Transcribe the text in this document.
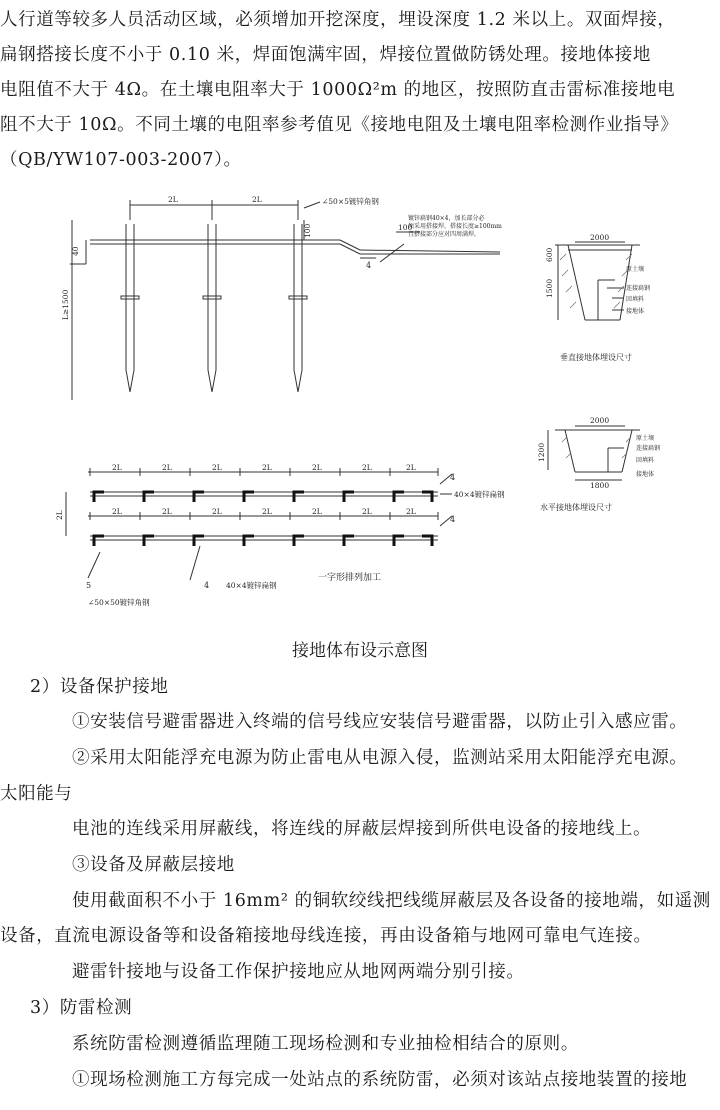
人行道等较多人员活动区域，必须增加开挖深度，埋设深度 1.2 米以上。双面焊接，
扁钢搭接长度不小于 0.10 米，焊面饱满牢固，焊接位置做防锈处理。接地体接地
电阻值不大于 4Ω。在土壤电阻率大于 1000Ω²m 的地区，按照防直击雷标准接地电
阻不大于 10Ω。不同土壤的电阻率参考值见《接地电阻及土壤电阻率检测作业指导》
（QB/YW107-003-2007）。
2L	2L
40
L≥1500
100	100
∠50×5镀锌角钢
镀锌扁钢40×4，加长部分必
须采用搭接焊，搭接长度≥100mm
且搭接部分应对四周满焊。
4
2000
600
1500
原土壤
连接扁钢
回填料
接地体
垂直接地体埋设尺寸
2000
1200
1800
原土壤
连接扁钢
回填料
接地体
水平接地体埋设尺寸
2L	2L	2L	2L	2L	2L	2L
2L	2L	2L	2L	2L	2L	2L
2L
4
4
40×4镀锌扁钢
5
∠50×50镀锌角钢
4 40×4镀锌扁钢
一字形排列加工
接地体布设示意图
2）设备保护接地
①安装信号避雷器进入终端的信号线应安装信号避雷器，以防止引入感应雷。
②采用太阳能浮充电源为防止雷电从电源入侵，监测站采用太阳能浮充电源。
太阳能与
电池的连线采用屏蔽线，将连线的屏蔽层焊接到所供电设备的接地线上。
③设备及屏蔽层接地
使用截面积不小于 16mm² 的铜软绞线把线缆屏蔽层及各设备的接地端，如遥测
设备，直流电源设备等和设备箱接地母线连接，再由设备箱与地网可靠电气连接。
避雷针接地与设备工作保护接地应从地网两端分别引接。
3）防雷检测
系统防雷检测遵循监理随工现场检测和专业抽检相结合的原则。
①现场检测施工方每完成一处站点的系统防雷，必须对该站点接地装置的接地
